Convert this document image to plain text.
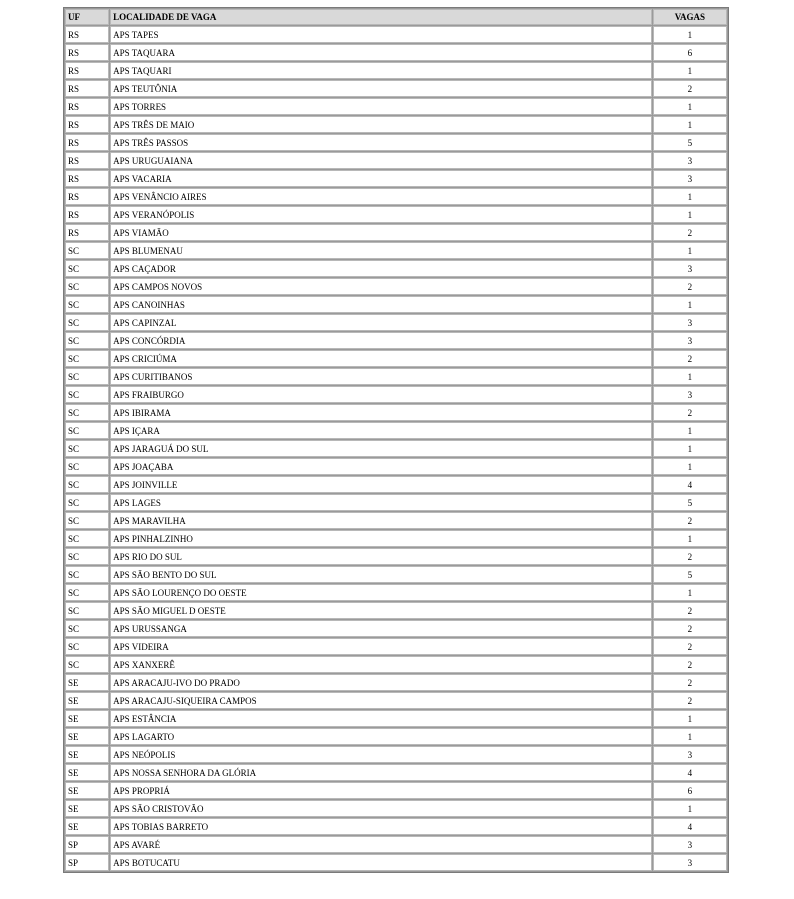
UF	LOCALIDADE DE VAGA	VAGAS
RS	APS TAPES	1
RS	APS TAQUARA	6
RS	APS TAQUARI	1
RS	APS TEUTÔNIA	2
RS	APS TORRES	1
RS	APS TRÊS DE MAIO	1
RS	APS TRÊS PASSOS	5
RS	APS URUGUAIANA	3
RS	APS VACARIA	3
RS	APS VENÂNCIO AIRES	1
RS	APS VERANÓPOLIS	1
RS	APS VIAMÃO	2
SC	APS BLUMENAU	1
SC	APS CAÇADOR	3
SC	APS CAMPOS NOVOS	2
SC	APS CANOINHAS	1
SC	APS CAPINZAL	3
SC	APS CONCÓRDIA	3
SC	APS CRICIÚMA	2
SC	APS CURITIBANOS	1
SC	APS FRAIBURGO	3
SC	APS IBIRAMA	2
SC	APS IÇARA	1
SC	APS JARAGUÁ DO SUL	1
SC	APS JOAÇABA	1
SC	APS JOINVILLE	4
SC	APS LAGES	5
SC	APS MARAVILHA	2
SC	APS PINHALZINHO	1
SC	APS RIO DO SUL	2
SC	APS SÃO BENTO DO SUL	5
SC	APS SÃO LOURENÇO DO OESTE	1
SC	APS SÃO MIGUEL D OESTE	2
SC	APS URUSSANGA	2
SC	APS VIDEIRA	2
SC	APS XANXERÊ	2
SE	APS ARACAJU-IVO DO PRADO	2
SE	APS ARACAJU-SIQUEIRA CAMPOS	2
SE	APS ESTÂNCIA	1
SE	APS LAGARTO	1
SE	APS NEÓPOLIS	3
SE	APS NOSSA SENHORA DA GLÓRIA	4
SE	APS PROPRIÁ	6
SE	APS SÃO CRISTOVÃO	1
SE	APS TOBIAS BARRETO	4
SP	APS AVARÉ	3
SP	APS BOTUCATU	3
